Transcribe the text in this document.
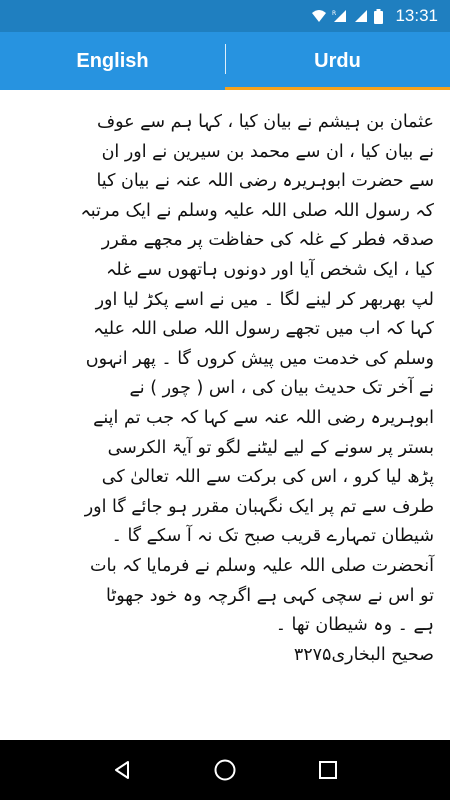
R	13:31
English	Urdu

عثمان بن ہیشم نے بیان کیا ، کہا ہم سے عوف

نے بیان کیا ، ان سے محمد بن سیرین نے اور ان

سے حضرت ابوہریرہ رضی اللہ عنہ نے بیان کیا

کہ رسول اللہ صلی اللہ علیہ وسلم نے ایک مرتبہ

صدقہ فطر کے غلہ کی حفاظت پر مجھے مقرر

کیا ، ایک شخص آیا اور دونوں ہاتھوں سے غلہ

لپ بھربھر کر لینے لگا ۔ میں نے اسے پکڑ لیا اور

کہا کہ اب میں تجھے رسول اللہ صلی اللہ علیہ

وسلم کی خدمت میں پیش کروں گا ۔ پھر انہوں

نے آخر تک حدیث بیان کی ، اس ( چور ) نے

ابوہریرہ رضی اللہ عنہ سے کہا کہ جب تم اپنے

بستر پر سونے کے لیے لیٹنے لگو تو آیۃ الکرسی

پڑھ لیا کرو ، اس کی برکت سے اللہ تعالیٰ کی

طرف سے تم پر ایک نگہبان مقرر ہو جائے گا اور

شیطان تمہارے قریب صبح تک نہ آ سکے گا ۔

آنحضرت صلی اللہ علیہ وسلم نے فرمایا کہ بات

تو اس نے سچی کہی ہے اگرچہ وہ خود جھوٹا

ہے ۔ وہ شیطان تھا ۔

صحیح البخاری۳۲۷۵
